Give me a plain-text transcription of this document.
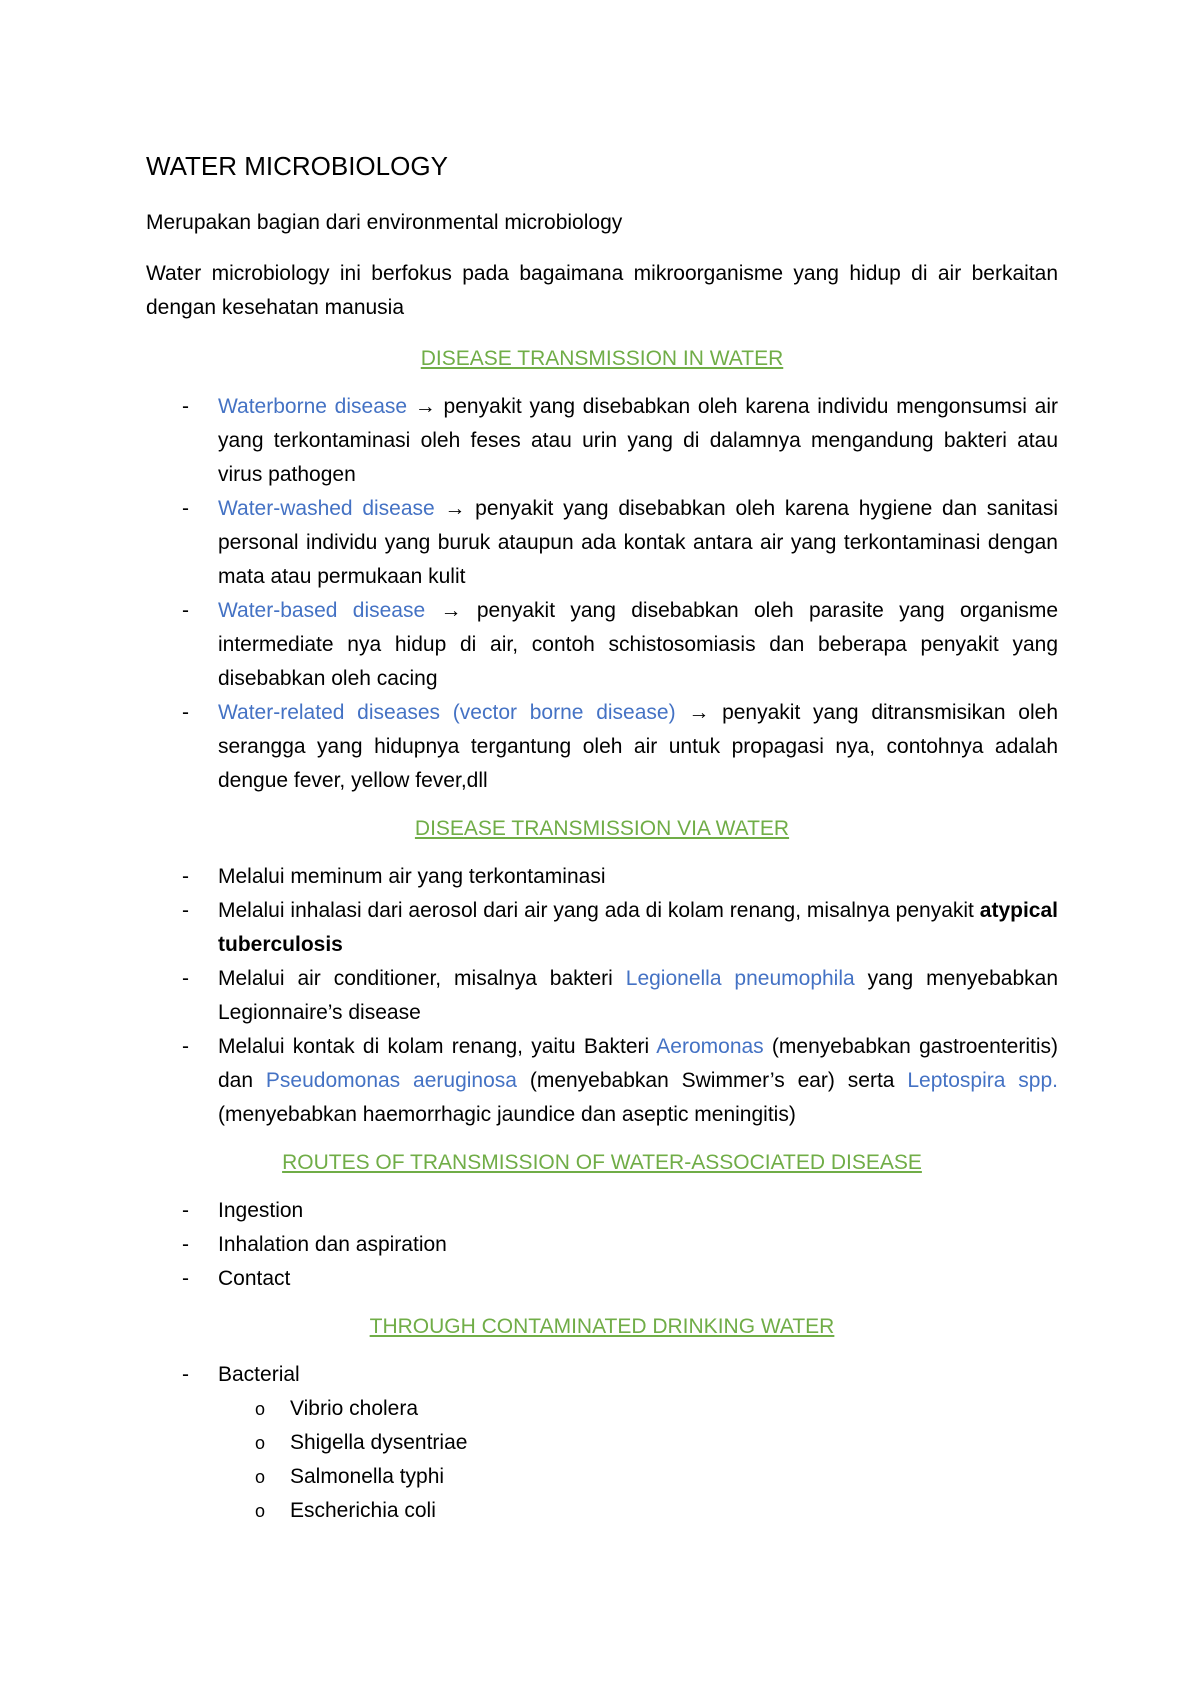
WATER MICROBIOLOGY

Merupakan bagian dari environmental microbiology

Water microbiology ini berfokus pada bagaimana mikroorganisme yang hidup di air berkaitan dengan kesehatan manusia

DISEASE TRANSMISSION IN WATER
- Waterborne disease → penyakit yang disebabkan oleh karena individu mengonsumsi air yang terkontaminasi oleh feses atau urin yang di dalamnya mengandung bakteri atau virus pathogen
- Water-washed disease → penyakit yang disebabkan oleh karena hygiene dan sanitasi personal individu yang buruk ataupun ada kontak antara air yang terkontaminasi dengan mata atau permukaan kulit
- Water-based disease → penyakit yang disebabkan oleh parasite yang organisme intermediate nya hidup di air, contoh schistosomiasis dan beberapa penyakit yang disebabkan oleh cacing
- Water-related diseases (vector borne disease) → penyakit yang ditransmisikan oleh serangga yang hidupnya tergantung oleh air untuk propagasi nya, contohnya adalah dengue fever, yellow fever,dll
DISEASE TRANSMISSION VIA WATER
- Melalui meminum air yang terkontaminasi
- Melalui inhalasi dari aerosol dari air yang ada di kolam renang, misalnya penyakit atypical tuberculosis
- Melalui air conditioner, misalnya bakteri Legionella pneumophila yang menyebabkan Legionnaire’s disease
- Melalui kontak di kolam renang, yaitu Bakteri Aeromonas (menyebabkan gastroenteritis) dan Pseudomonas aeruginosa (menyebabkan Swimmer’s ear) serta Leptospira spp. (menyebabkan haemorrhagic jaundice dan aseptic meningitis)
ROUTES OF TRANSMISSION OF WATER-ASSOCIATED DISEASE
- Ingestion
- Inhalation dan aspiration
- Contact
THROUGH CONTAMINATED DRINKING WATER
- Bacterial
o Vibrio cholera
o Shigella dysentriae
o Salmonella typhi
o Escherichia coli
